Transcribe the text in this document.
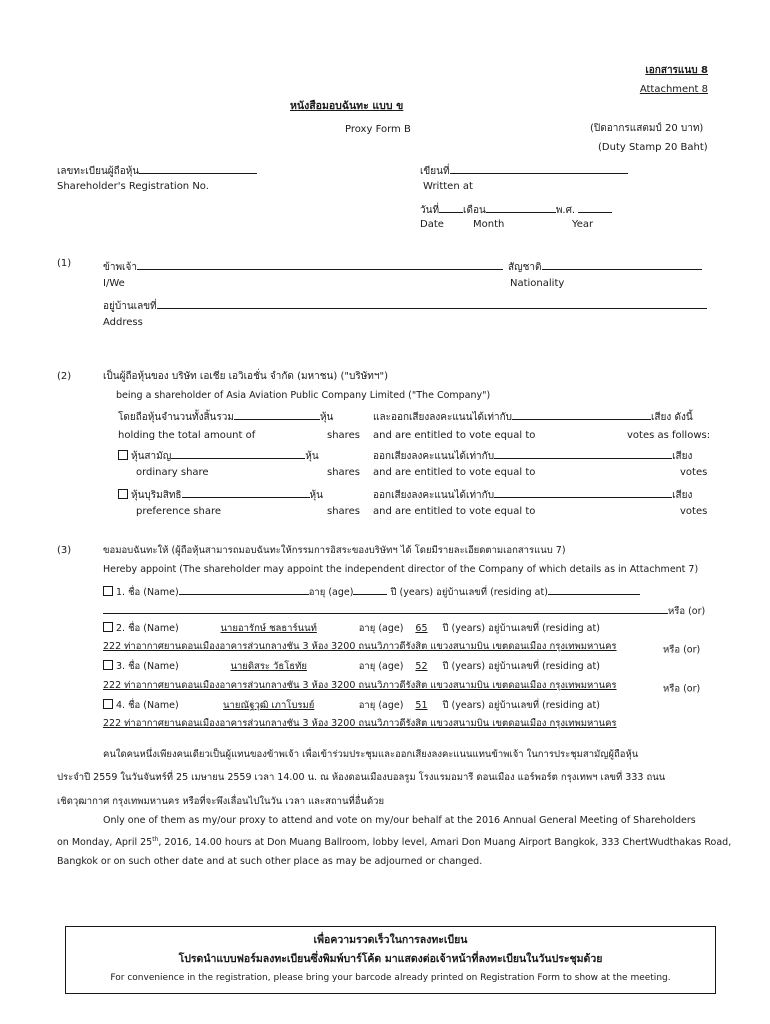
เอกสารแนบ 8
Attachment 8
หนังสือมอบฉันทะ แบบ ข
Proxy Form B	(ปิดอากรแสตมป์ 20 บาท)
(Duty Stamp 20 Baht)
เลขทะเบียนผู้ถือหุ้น
Shareholder's Registration No.
เขียนที่
Written at
วันที่ เดือน	พ.ศ.
Date	Month	Year
(1)	ข้าพเจ้า	สัญชาติ
I/We	Nationality
อยู่บ้านเลขที่
Address
(2)	เป็นผู้ถือหุ้นของ บริษัท เอเชีย เอวิเอชั่น จำกัด (มหาชน) ("บริษัทฯ")
being a shareholder of Asia Aviation Public Company Limited ("The Company")
โดยถือหุ้นจำนวนทั้งสิ้นรวม	หุ้น	และออกเสียงลงคะแนนได้เท่ากับ	เสียง ดังนี้
holding the total amount of	shares and are entitled to vote equal to	votes as follows:
หุ้นสามัญ	หุ้น	ออกเสียงลงคะแนนได้เท่ากับ	เสียง
ordinary share	shares and are entitled to vote equal to	votes
หุ้นบุริมสิทธิ	หุ้น	ออกเสียงลงคะแนนได้เท่ากับ	เสียง
preference share	shares and are entitled to vote equal to	votes
(3)	ขอมอบฉันทะให้ (ผู้ถือหุ้นสามารถมอบฉันทะให้กรรมการอิสระของบริษัทฯ ได้ โดยมีรายละเอียดตามเอกสารแนบ 7)
Hereby appoint (The shareholder may appoint the independent director of the Company of which details as in Attachment 7)
1. ชื่อ (Name)	อายุ (age)	ปี (years) อยู่บ้านเลขที่ (residing at)
หรือ (or)
2. ชื่อ (Name)	นายอารักษ์ ชลธาร์นนท์	อายุ (age) 65 ปี (years) อยู่บ้านเลขที่ (residing at)
222 ท่าอากาศยานดอนเมืองอาคารส่วนกลางชั้น 3 ห้อง 3200 ถนนวิภาวดีรังสิต แขวงสนามบิน เขตดอนเมือง กรุงเทพมหานคร	หรือ (or)
3. ชื่อ (Name)	นายดิสระ วัธโธทัย	อายุ (age) 52 ปี (years) อยู่บ้านเลขที่ (residing at)
222 ท่าอากาศยานดอนเมืองอาคารส่วนกลางชั้น 3 ห้อง 3200 ถนนวิภาวดีรังสิต แขวงสนามบิน เขตดอนเมือง กรุงเทพมหานคร	หรือ (or)
4. ชื่อ (Name)	นายณัฐวุฒิ เภาโบรมย์	อายุ (age) 51 ปี (years) อยู่บ้านเลขที่ (residing at)
222 ท่าอากาศยานดอนเมืองอาคารส่วนกลางชั้น 3 ห้อง 3200 ถนนวิภาวดีรังสิต แขวงสนามบิน เขตดอนเมือง กรุงเทพมหานคร
คนใดคนหนึ่งเพียงคนเดียวเป็นผู้แทนของข้าพเจ้า เพื่อเข้าร่วมประชุมและออกเสียงลงคะแนนแทนข้าพเจ้า ในการประชุมสามัญผู้ถือหุ้น
ประจำปี 2559 ในวันจันทร์ที่ 25 เมษายน 2559 เวลา 14.00 น. ณ ห้องดอนเมืองบอลรูม โรงแรมอมารี ดอนเมือง แอร์พอร์ต กรุงเทพฯ เลขที่ 333 ถนน
เชิดวุฒากาศ กรุงเทพมหานคร หรือที่จะพึงเลื่อนไปในวัน เวลา และสถานที่อื่นด้วย
Only one of them as my/our proxy to attend and vote on my/our behalf at the 2016 Annual General Meeting of Shareholders
on Monday, April 25th, 2016, 14.00 hours at Don Muang Ballroom, lobby level, Amari Don Muang Airport Bangkok, 333 ChertWudthakas Road,
Bangkok or on such other date and at such other place as may be adjourned or changed.
เพื่อความรวดเร็วในการลงทะเบียน
โปรดนำแบบฟอร์มลงทะเบียนซึ่งพิมพ์บาร์โค้ด มาแสดงต่อเจ้าหน้าที่ลงทะเบียนในวันประชุมด้วย
For convenience in the registration, please bring your barcode already printed on Registration Form to show at the meeting.
